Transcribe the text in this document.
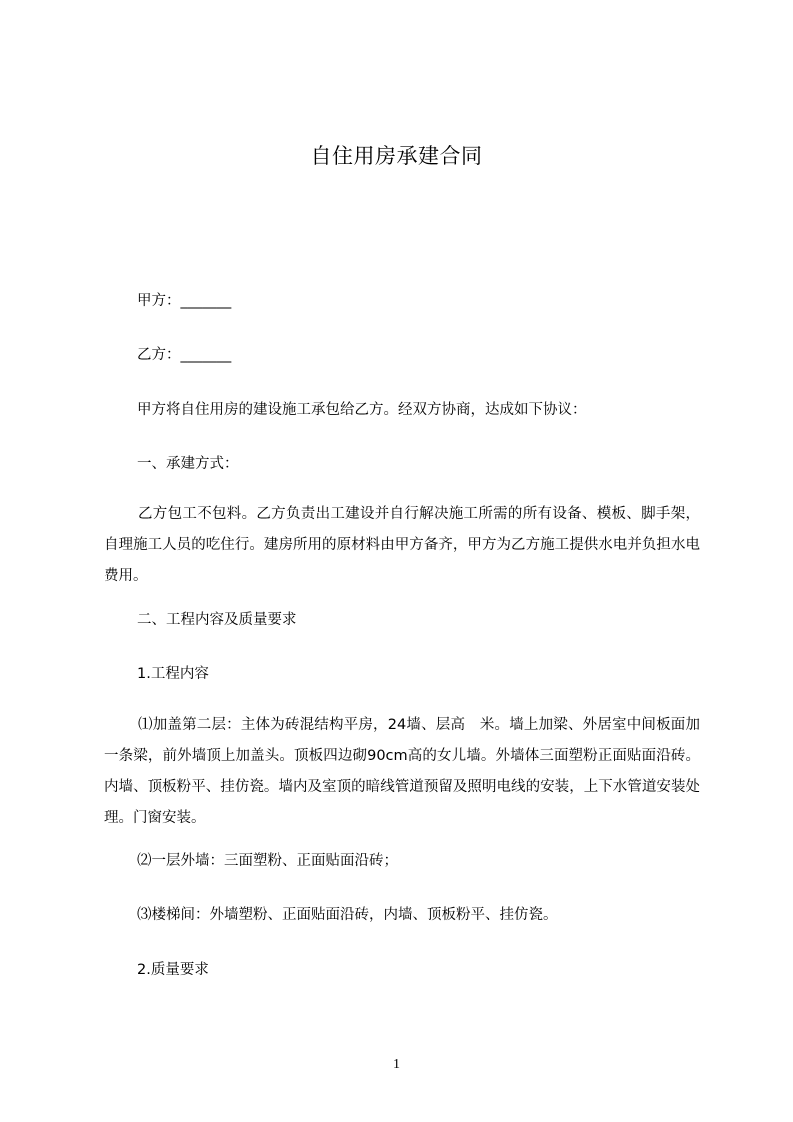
自住用房承建合同
甲方：_______
乙方：_______
甲方将自住用房的建设施工承包给乙方。经双方协商，达成如下协议：
一、承建方式：
乙方包工不包料。乙方负责出工建设并自行解决施工所需的所有设备、模板、脚手架，自理施工人员的吃住行。建房所用的原材料由甲方备齐，甲方为乙方施工提供水电并负担水电费用。
二、工程内容及质量要求
1.工程内容
⑴加盖第二层：主体为砖混结构平房，24墙、层高　米。墙上加梁、外居室中间板面加一条梁，前外墙顶上加盖头。顶板四边砌90cm高的女儿墙。外墙体三面塑粉正面贴面沿砖。内墙、顶板粉平、挂仿瓷。墙内及室顶的暗线管道预留及照明电线的安装，上下水管道安装处理。门窗安装。
⑵一层外墙：三面塑粉、正面贴面沿砖；
⑶楼梯间：外墙塑粉、正面贴面沿砖，内墙、顶板粉平、挂仿瓷。
2.质量要求
1
